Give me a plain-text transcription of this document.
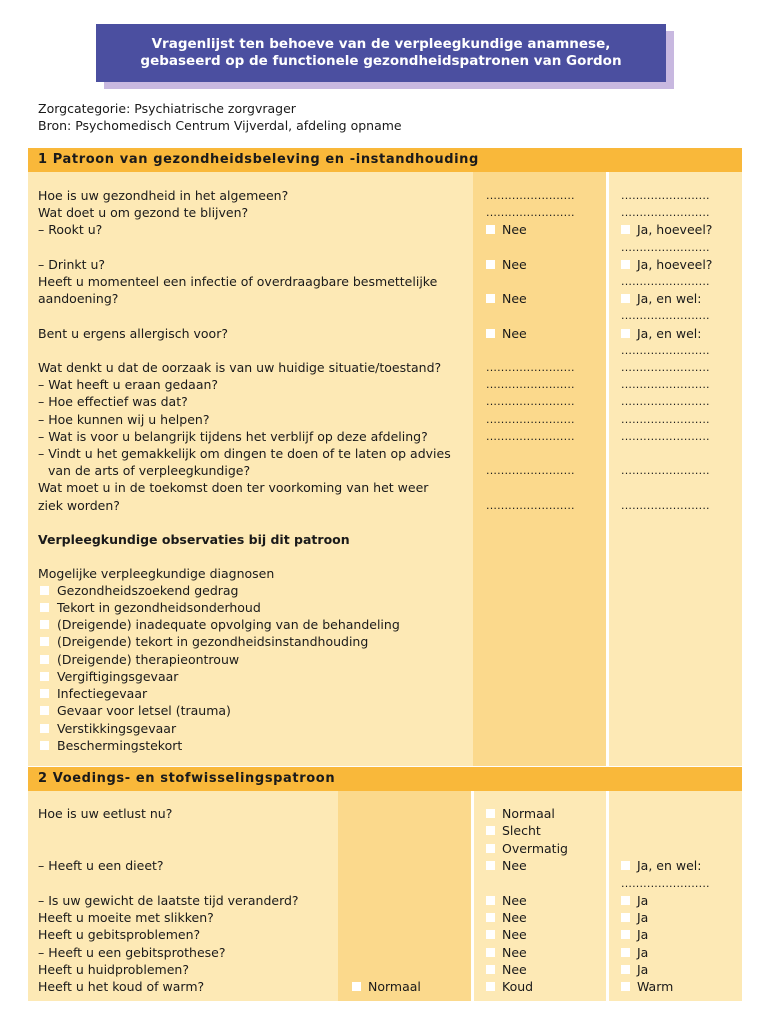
Vragenlijst ten behoeve van de verpleegkundige anamnese,
gebaseerd op de functionele gezondheidspatronen van Gordon
Zorgcategorie: Psychiatrische zorgvrager
Bron: Psychomedisch Centrum Vijverdal, afdeling opname
1 Patroon van gezondheidsbeleving en -instandhouding
Hoe is uw gezondheid in het algemeen?
Wat doet u om gezond te blijven?
– Rookt u?
– Drinkt u?
Heeft u momenteel een infectie of overdraagbare besmettelijke
aandoening?
Bent u ergens allergisch voor?
Wat denkt u dat de oorzaak is van uw huidige situatie/toestand?
– Wat heeft u eraan gedaan?
– Hoe effectief was dat?
– Hoe kunnen wij u helpen?
– Wat is voor u belangrijk tijdens het verblijf op deze afdeling?
– Vindt u het gemakkelijk om dingen te doen of te laten op advies
van de arts of verpleegkundige?
Wat moet u in de toekomst doen ter voorkoming van het weer
ziek worden?
........................
........................
Nee
Nee
Nee
Nee
........................
........................
........................
........................
........................
........................
........................
........................
........................
Ja, hoeveel?
........................
Ja, hoeveel?
........................
Ja, en wel:
........................
Ja, en wel:
........................
........................
........................
........................
........................
........................
........................
........................
Verpleegkundige observaties bij dit patroon
Mogelijke verpleegkundige diagnosen
Gezondheidszoekend gedrag
Tekort in gezondheidsonderhoud
(Dreigende) inadequate opvolging van de behandeling
(Dreigende) tekort in gezondheidsinstandhouding
(Dreigende) therapieontrouw
Vergiftigingsgevaar
Infectiegevaar
Gevaar voor letsel (trauma)
Verstikkingsgevaar
Beschermingstekort
2 Voedings- en stofwisselingspatroon
Hoe is uw eetlust nu?
– Heeft u een dieet?
– Is uw gewicht de laatste tijd veranderd?
Heeft u moeite met slikken?
Heeft u gebitsproblemen?
– Heeft u een gebitsprothese?
Heeft u huidproblemen?
Heeft u het koud of warm?	Normaal
Normaal
Slecht
Overmatig
Nee
Nee
Nee
Nee
Nee
Nee
Koud
Ja, en wel:
........................
Ja
Ja
Ja
Ja
Ja
Warm
